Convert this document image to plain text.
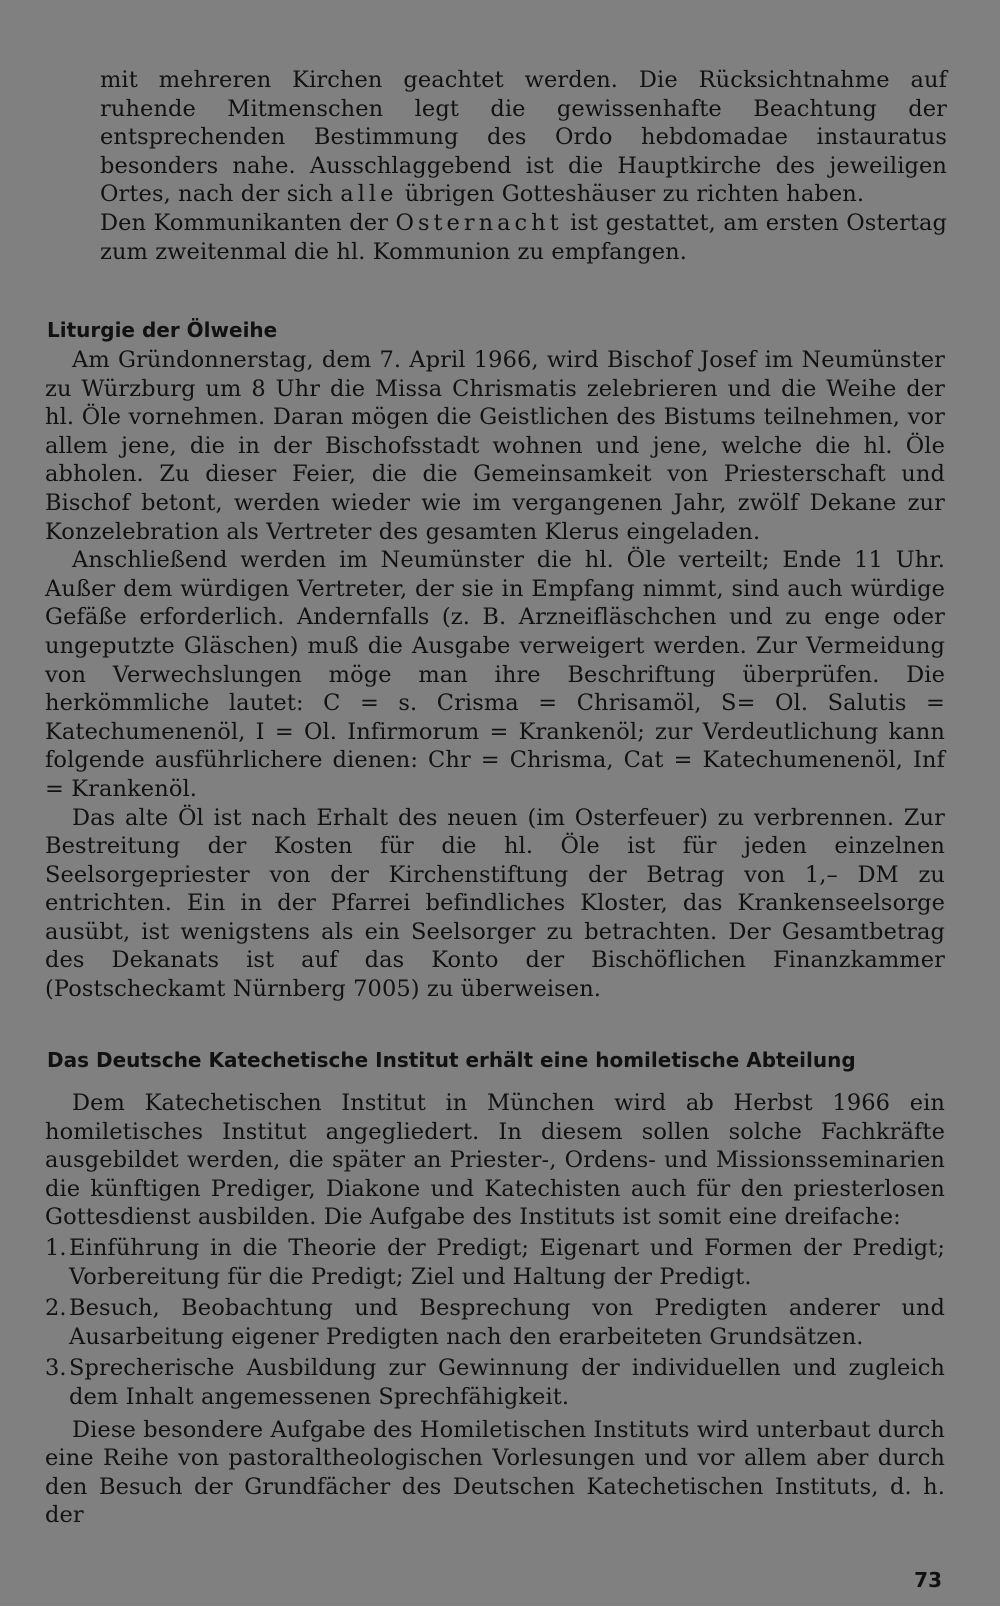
mit mehreren Kirchen geachtet werden. Die Rücksichtnahme auf ruhende Mitmenschen legt die gewissenhafte Beachtung der entsprechenden Bestimmung des Ordo hebdomadae instauratus besonders nahe. Ausschlaggebend ist die Hauptkirche des jeweiligen Ortes, nach der sich alle übrigen Gotteshäuser zu richten haben.

Den Kommunikanten der Osternacht ist gestattet, am ersten Ostertag zum zweitenmal die hl. Kommunion zu empfangen.

Liturgie der Ölweihe

Am Gründonnerstag, dem 7. April 1966, wird Bischof Josef im Neumünster zu Würzburg um 8 Uhr die Missa Chrismatis zelebrieren und die Weihe der hl. Öle vornehmen. Daran mögen die Geistlichen des Bistums teilnehmen, vor allem jene, die in der Bischofsstadt wohnen und jene, welche die hl. Öle abholen. Zu dieser Feier, die die Gemeinsamkeit von Priesterschaft und Bischof betont, werden wieder wie im vergangenen Jahr, zwölf Dekane zur Konzelebration als Vertreter des gesamten Klerus eingeladen.

Anschließend werden im Neumünster die hl. Öle verteilt; Ende 11 Uhr. Außer dem würdigen Vertreter, der sie in Empfang nimmt, sind auch würdige Gefäße erforderlich. Andernfalls (z. B. Arzneifläschchen und zu enge oder ungeputzte Gläschen) muß die Ausgabe verweigert werden. Zur Vermeidung von Verwechslungen möge man ihre Beschriftung überprüfen. Die herkömmliche lautet: C = s. Crisma = Chrisamöl, S= Ol. Salutis = Katechumenenöl, I = Ol. Infirmorum = Krankenöl; zur Verdeutlichung kann folgende ausführlichere dienen: Chr = Chrisma, Cat = Katechumenenöl, Inf = Krankenöl.

Das alte Öl ist nach Erhalt des neuen (im Osterfeuer) zu verbrennen. Zur Bestreitung der Kosten für die hl. Öle ist für jeden einzelnen Seelsorgepriester von der Kirchenstiftung der Betrag von 1,– DM zu entrichten. Ein in der Pfarrei befindliches Kloster, das Krankenseelsorge ausübt, ist wenigstens als ein Seelsorger zu betrachten. Der Gesamtbetrag des Dekanats ist auf das Konto der Bischöflichen Finanzkammer (Postscheckamt Nürnberg 7005) zu überweisen.

Das Deutsche Katechetische Institut erhält eine homiletische Abteilung

Dem Katechetischen Institut in München wird ab Herbst 1966 ein homiletisches Institut angegliedert. In diesem sollen solche Fachkräfte ausgebildet werden, die später an Priester-, Ordens- und Missionsseminarien die künftigen Prediger, Diakone und Katechisten auch für den priesterlosen Gottesdienst ausbilden. Die Aufgabe des Instituts ist somit eine dreifache:

1. Einführung in die Theorie der Predigt; Eigenart und Formen der Predigt; Vorbereitung für die Predigt; Ziel und Haltung der Predigt.
2. Besuch, Beobachtung und Besprechung von Predigten anderer und Ausarbeitung eigener Predigten nach den erarbeiteten Grundsätzen.
3. Sprecherische Ausbildung zur Gewinnung der individuellen und zugleich dem Inhalt angemessenen Sprechfähigkeit.

Diese besondere Aufgabe des Homiletischen Instituts wird unterbaut durch eine Reihe von pastoraltheologischen Vorlesungen und vor allem aber durch den Besuch der Grundfächer des Deutschen Katechetischen Instituts, d. h. der

73
